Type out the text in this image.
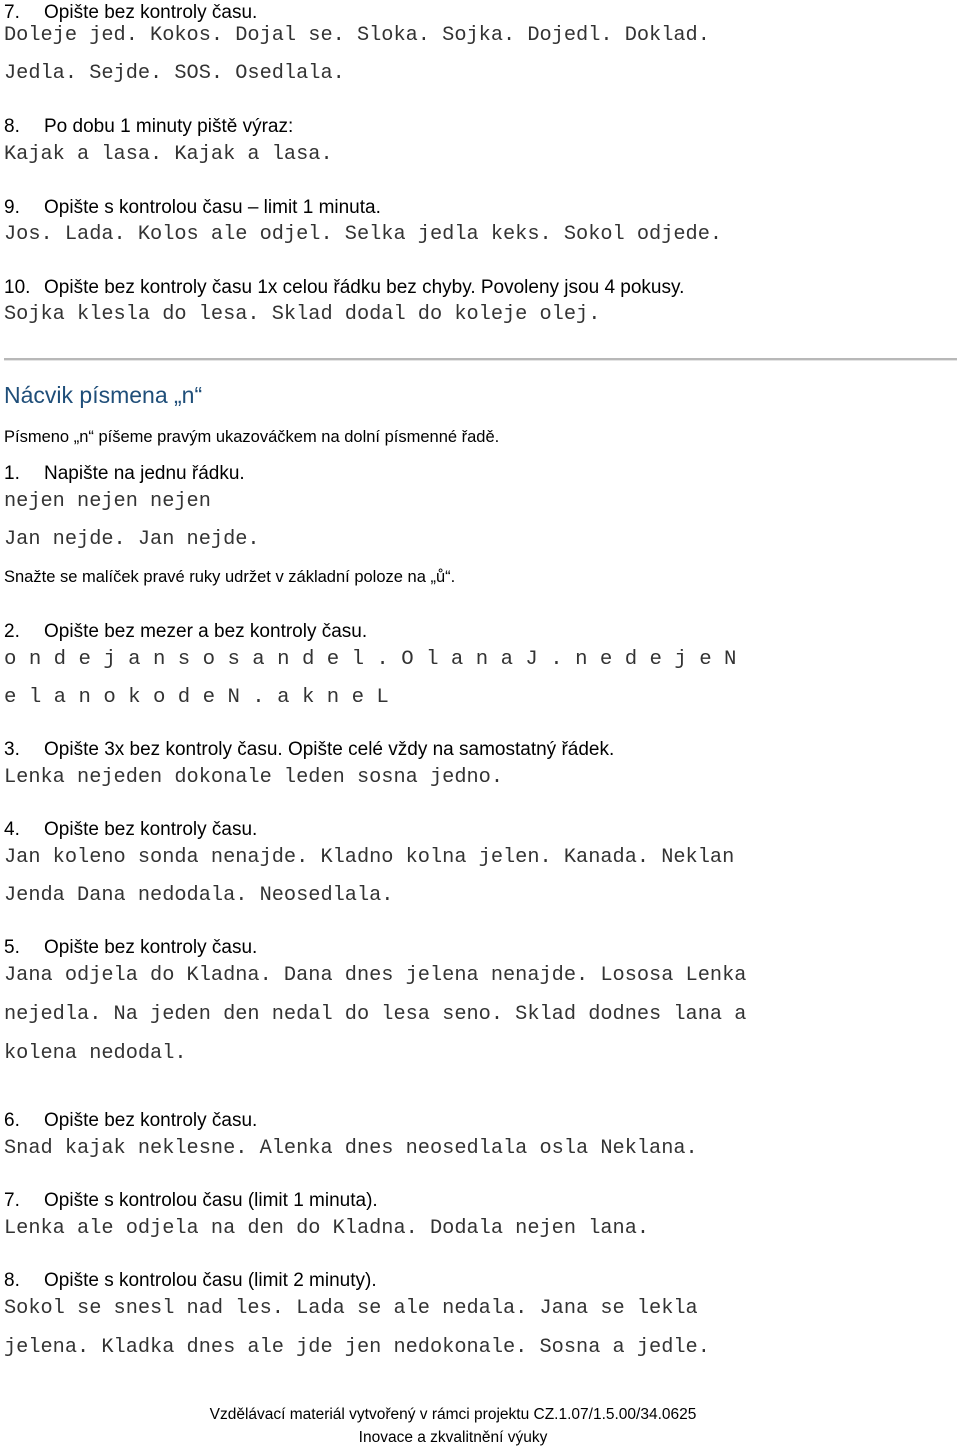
7. Opište bez kontroly času.

Doleje jed. Kokos. Dojal se. Sloka. Sojka. Dojedl. Doklad.

Jedla. Sejde. SOS. Osedlala.

8. Po dobu 1 minuty piště výraz:

Kajak a lasa. Kajak a lasa.

9. Opište s kontrolou času – limit 1 minuta.

Jos. Lada. Kolos ale odjel. Selka jedla keks. Sokol odjede.

10. Opište bez kontroly času 1x celou řádku bez chyby. Povoleny jsou 4 pokusy.

Sojka klesla do lesa. Sklad dodal do koleje olej.

Nácvik písmena „n“

Písmeno „n“ píšeme pravým ukazováčkem na dolní písmenné řadě.

1. Napište na jednu řádku.

nejen nejen nejen

Jan nejde. Jan nejde.

Snažte se malíček pravé ruky udržet v základní poloze na „ů“.

2. Opište bez mezer a bez kontroly času.

o n d e j a n s o s a n d e l . O l a n a J . n e d e j e N

e l a n o k o d e N . a k n e L

3. Opište 3x bez kontroly času. Opište celé vždy na samostatný řádek.

Lenka nejeden dokonale leden sosna jedno.

4. Opište bez kontroly času.

Jan koleno sonda nenajde. Kladno kolna jelen. Kanada. Neklan

Jenda Dana nedodala. Neosedlala.

5. Opište bez kontroly času.

Jana odjela do Kladna. Dana dnes jelena nenajde. Lososa Lenka

nejedla. Na jeden den nedal do lesa seno. Sklad dodnes lana a

kolena nedodal.

6. Opište bez kontroly času.

Snad kajak neklesne. Alenka dnes neosedlala osla Neklana.

7. Opište s kontrolou času (limit 1 minuta).

Lenka ale odjela na den do Kladna. Dodala nejen lana.

8. Opište s kontrolou času (limit 2 minuty).

Sokol se snesl nad les. Lada se ale nedala. Jana se lekla

jelena. Kladka dnes ale jde jen nedokonale. Sosna a jedle.

Vzdělávací materiál vytvořený v rámci projektu CZ.1.07/1.5.00/34.0625

Inovace a zkvalitnění výuky
